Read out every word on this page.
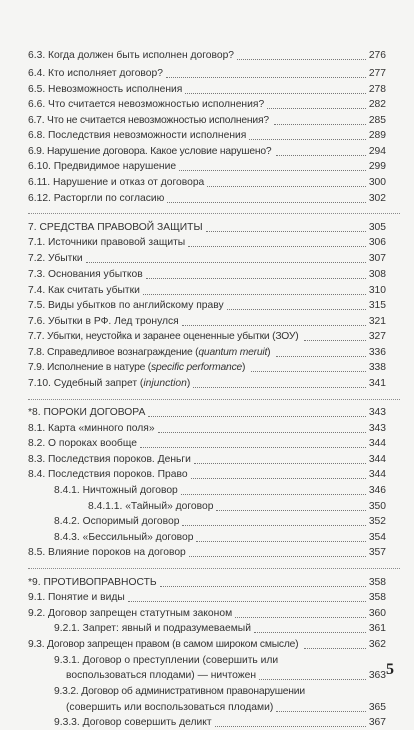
6.3. Когда должен быть исполнен договор?	276
6.4. Кто исполняет договор?	277
6.5. Невозможность исполнения	278
6.6. Что считается невозможностью исполнения?	282
6.7. Что не считается невозможностью исполнения?	285
6.8. Последствия невозможности исполнения	289
6.9. Нарушение договора. Какое условие нарушено?	294
6.10. Предвидимое нарушение	299
6.11. Нарушение и отказ от договора	300
6.12. Расторгли по согласию	302
7. СРЕДСТВА ПРАВОВОЙ ЗАЩИТЫ	305
7.1. Источники правовой защиты	306
7.2. Убытки	307
7.3. Основания убытков	308
7.4. Как считать убытки	310
7.5. Виды убытков по английскому праву	315
7.6. Убытки в РФ. Лед тронулся	321
7.7. Убытки, неустойка и заранее оцененные убытки (ЗОУ)	327
7.8. Справедливое вознаграждение (quantum meruit)	336
7.9. Исполнение в натуре (specific performance)	338
7.10. Судебный запрет (injunction)	341
*8. ПОРОКИ ДОГОВОРА	343
8.1. Карта «минного поля»	343
8.2. О пороках вообще	344
8.3. Последствия пороков. Деньги	344
8.4. Последствия пороков. Право	344
8.4.1. Ничтожный договор	346
8.4.1.1. «Тайный» договор	350
8.4.2. Оспоримый договор	352
8.4.3. «Бессильный» договор	354
8.5. Влияние пороков на договор	357
*9. ПРОТИВОПРАВНОСТЬ	358
9.1. Понятие и виды	358
9.2. Договор запрещен статутным законом	360
9.2.1. Запрет: явный и подразумеваемый	361
9.3. Договор запрещен правом (в самом широком смысле)	362
9.3.1. Договор о преступлении (совершить или
воспользоваться плодами) — ничтожен	363
9.3.2. Договор об административном правонарушении
(совершить или воспользоваться плодами)	365
9.3.3. Договор совершить деликт	367
5
